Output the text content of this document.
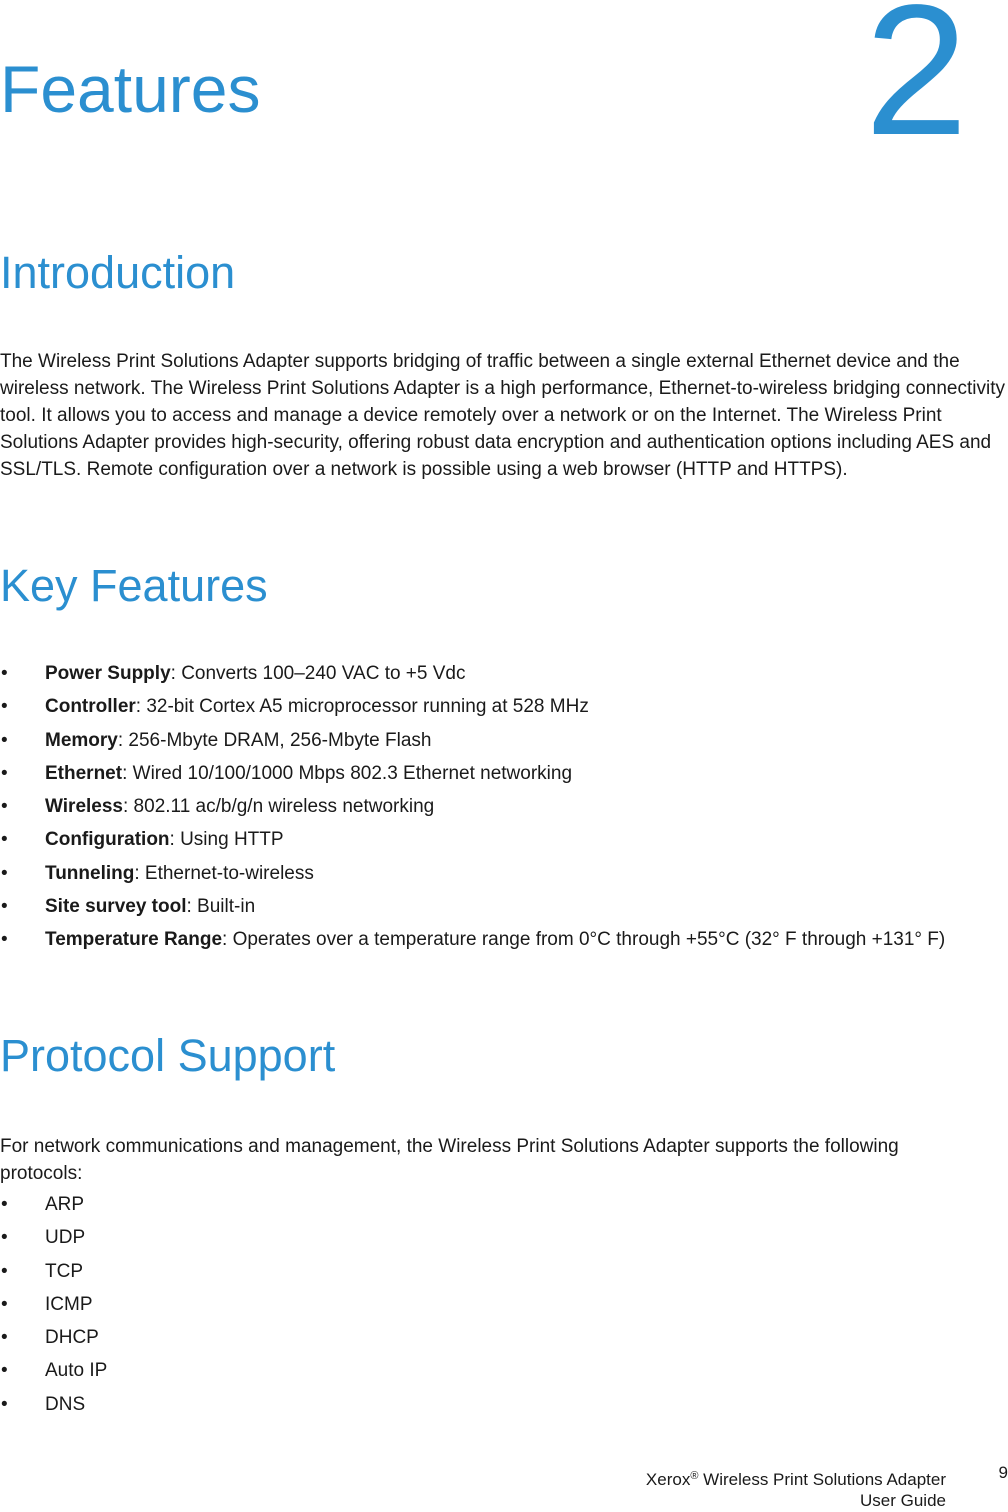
Features	2
Introduction

The Wireless Print Solutions Adapter supports bridging of traffic between a single external Ethernet device and the wireless network. The Wireless Print Solutions Adapter is a high performance, Ethernet-to-wireless bridging connectivity tool. It allows you to access and manage a device remotely over a network or on the Internet. The Wireless Print Solutions Adapter provides high-security, offering robust data encryption and authentication options including AES and SSL/TLS. Remote configuration over a network is possible using a web browser (HTTP and HTTPS).

Key Features
• Power Supply: Converts 100–240 VAC to +5 Vdc
• Controller: 32-bit Cortex A5 microprocessor running at 528 MHz
• Memory: 256-Mbyte DRAM, 256-Mbyte Flash
• Ethernet: Wired 10/100/1000 Mbps 802.3 Ethernet networking
• Wireless: 802.11 ac/b/g/n wireless networking
• Configuration: Using HTTP
• Tunneling: Ethernet-to-wireless
• Site survey tool: Built-in
• Temperature Range: Operates over a temperature range from 0°C through +55°C (32° F through +131° F)
Protocol Support

For network communications and management, the Wireless Print Solutions Adapter supports the following protocols:

• ARP
• UDP
• TCP
• ICMP
• DHCP
• Auto IP
• DNS
Xerox® Wireless Print Solutions Adapter
User Guide
9
